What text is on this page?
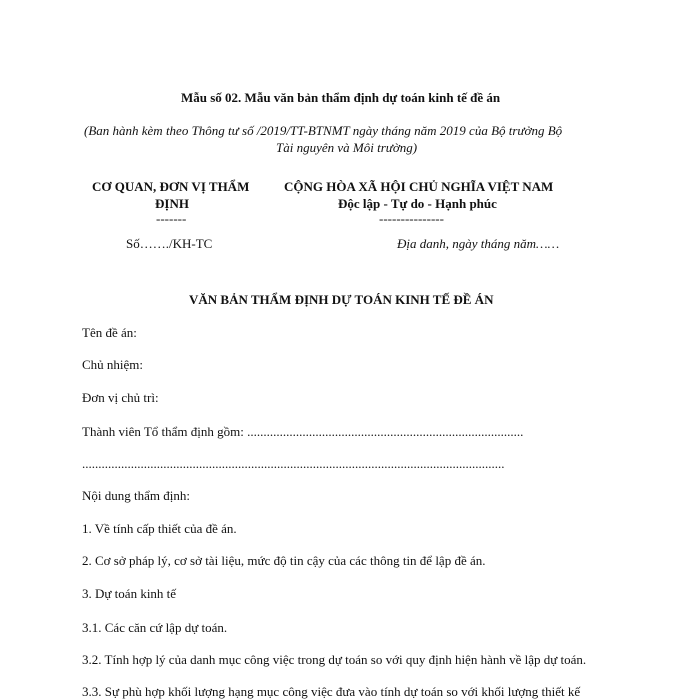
Mẫu số 02. Mẫu văn bản thẩm định dự toán kinh tế đề án
(Ban hành kèm theo Thông tư số /2019/TT-BTNMT ngày tháng năm 2019 của Bộ trưởng Bộ
Tài nguyên và Môi trường)
CƠ QUAN, ĐƠN VỊ THẨM
ĐỊNH
-------
Số……./KH-TC
CỘNG HÒA XÃ HỘI CHỦ NGHĨA VIỆT NAM
Độc lập - Tự do - Hạnh phúc
---------------
Địa danh, ngày tháng năm……
VĂN BẢN THẨM ĐỊNH DỰ TOÁN KINH TẾ ĐỀ ÁN
Tên đề án:
Chủ nhiệm:
Đơn vị chủ trì:
Thành viên Tổ thẩm định gồm: .....................................................................................
..................................................................................................................................
Nội dung thẩm định:
1. Về tính cấp thiết của đề án.
2. Cơ sở pháp lý, cơ sở tài liệu, mức độ tin cậy của các thông tin để lập đề án.
3. Dự toán kinh tế
3.1. Các căn cứ lập dự toán.
3.2. Tính hợp lý của danh mục công việc trong dự toán so với quy định hiện hành về lập dự toán.
3.3. Sự phù hợp khối lượng hạng mục công việc đưa vào tính dự toán so với khối lượng thiết kế
